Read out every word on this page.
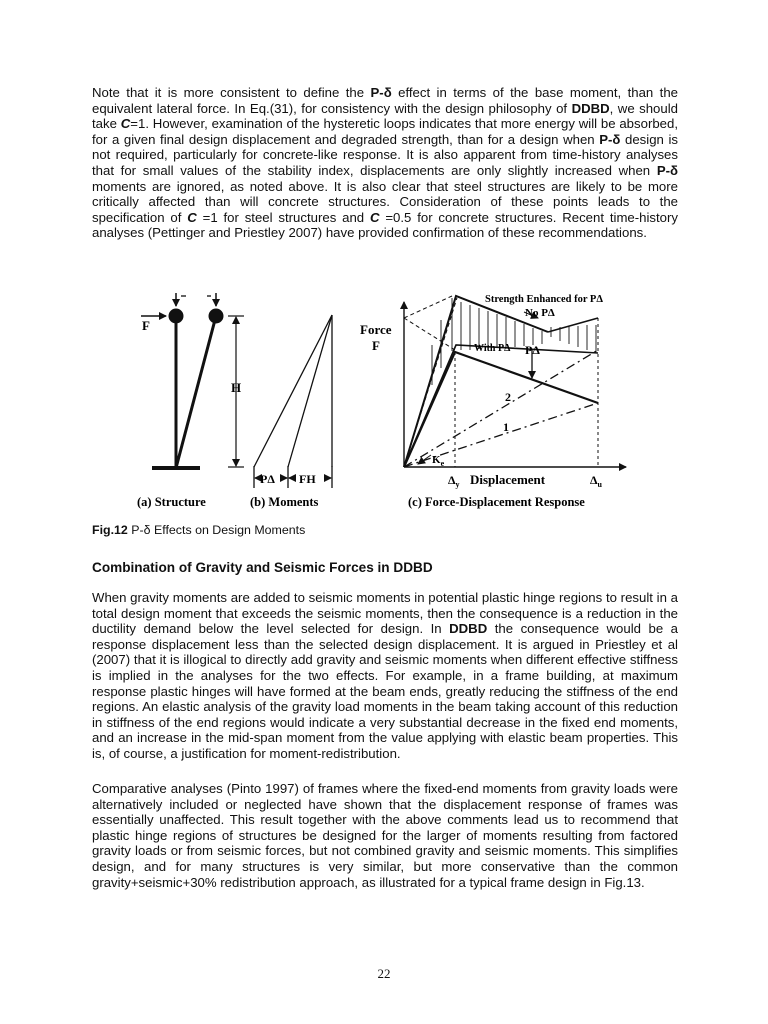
Note that it is more consistent to define the P-δ effect in terms of the base moment, than the equivalent lateral force. In Eq.(31), for consistency with the design philosophy of DDBD, we should take C=1. However, examination of the hysteretic loops indicates that more energy will be absorbed, for a given final design displacement and degraded strength, than for a design when P-δ design is not required, particularly for concrete-like response. It is also apparent from time-history analyses that for small values of the stability index, displacements are only slightly increased when P-δ moments are ignored, as noted above. It is also clear that steel structures are likely to be more critically affected than will concrete structures. Consideration of these points leads to the specification of C =1 for steel structures and C =0.5 for concrete structures. Recent time-history analyses (Pettinger and Priestley 2007) have provided confirmation of these recommendations.

F
H
PΔ FH
Force
F
Strength Enhanced for PΔ
No PΔ
With PΔ PΔ
2
1
$K_e$
$\Delta_y$ Displacement	$\Delta_u$
(a) Structure	(b) Moments	(c) Force-Displacement Response
Fig.12 P-δ Effects on Design Moments
Combination of Gravity and Seismic Forces in DDBD

When gravity moments are added to seismic moments in potential plastic hinge regions to result in a total design moment that exceeds the seismic moments, then the consequence is a reduction in the ductility demand below the level selected for design. In DDBD the consequence would be a response displacement less than the selected design displacement. It is argued in Priestley et al (2007) that it is illogical to directly add gravity and seismic moments when different effective stiffness is implied in the analyses for the two effects. For example, in a frame building, at maximum response plastic hinges will have formed at the beam ends, greatly reducing the stiffness of the end regions. An elastic analysis of the gravity load moments in the beam taking account of this reduction in stiffness of the end regions would indicate a very substantial decrease in the fixed end moments, and an increase in the mid-span moment from the value applying with elastic beam properties. This is, of course, a justification for moment-redistribution.

Comparative analyses (Pinto 1997) of frames where the fixed-end moments from gravity loads were alternatively included or neglected have shown that the displacement response of frames was essentially unaffected. This result together with the above comments lead us to recommend that plastic hinge regions of structures be designed for the larger of moments resulting from factored gravity loads or from seismic forces, but not combined gravity and seismic moments. This simplifies design, and for many structures is very similar, but more conservative than the common gravity+seismic+30% redistribution approach, as illustrated for a typical frame design in Fig.13.

22
